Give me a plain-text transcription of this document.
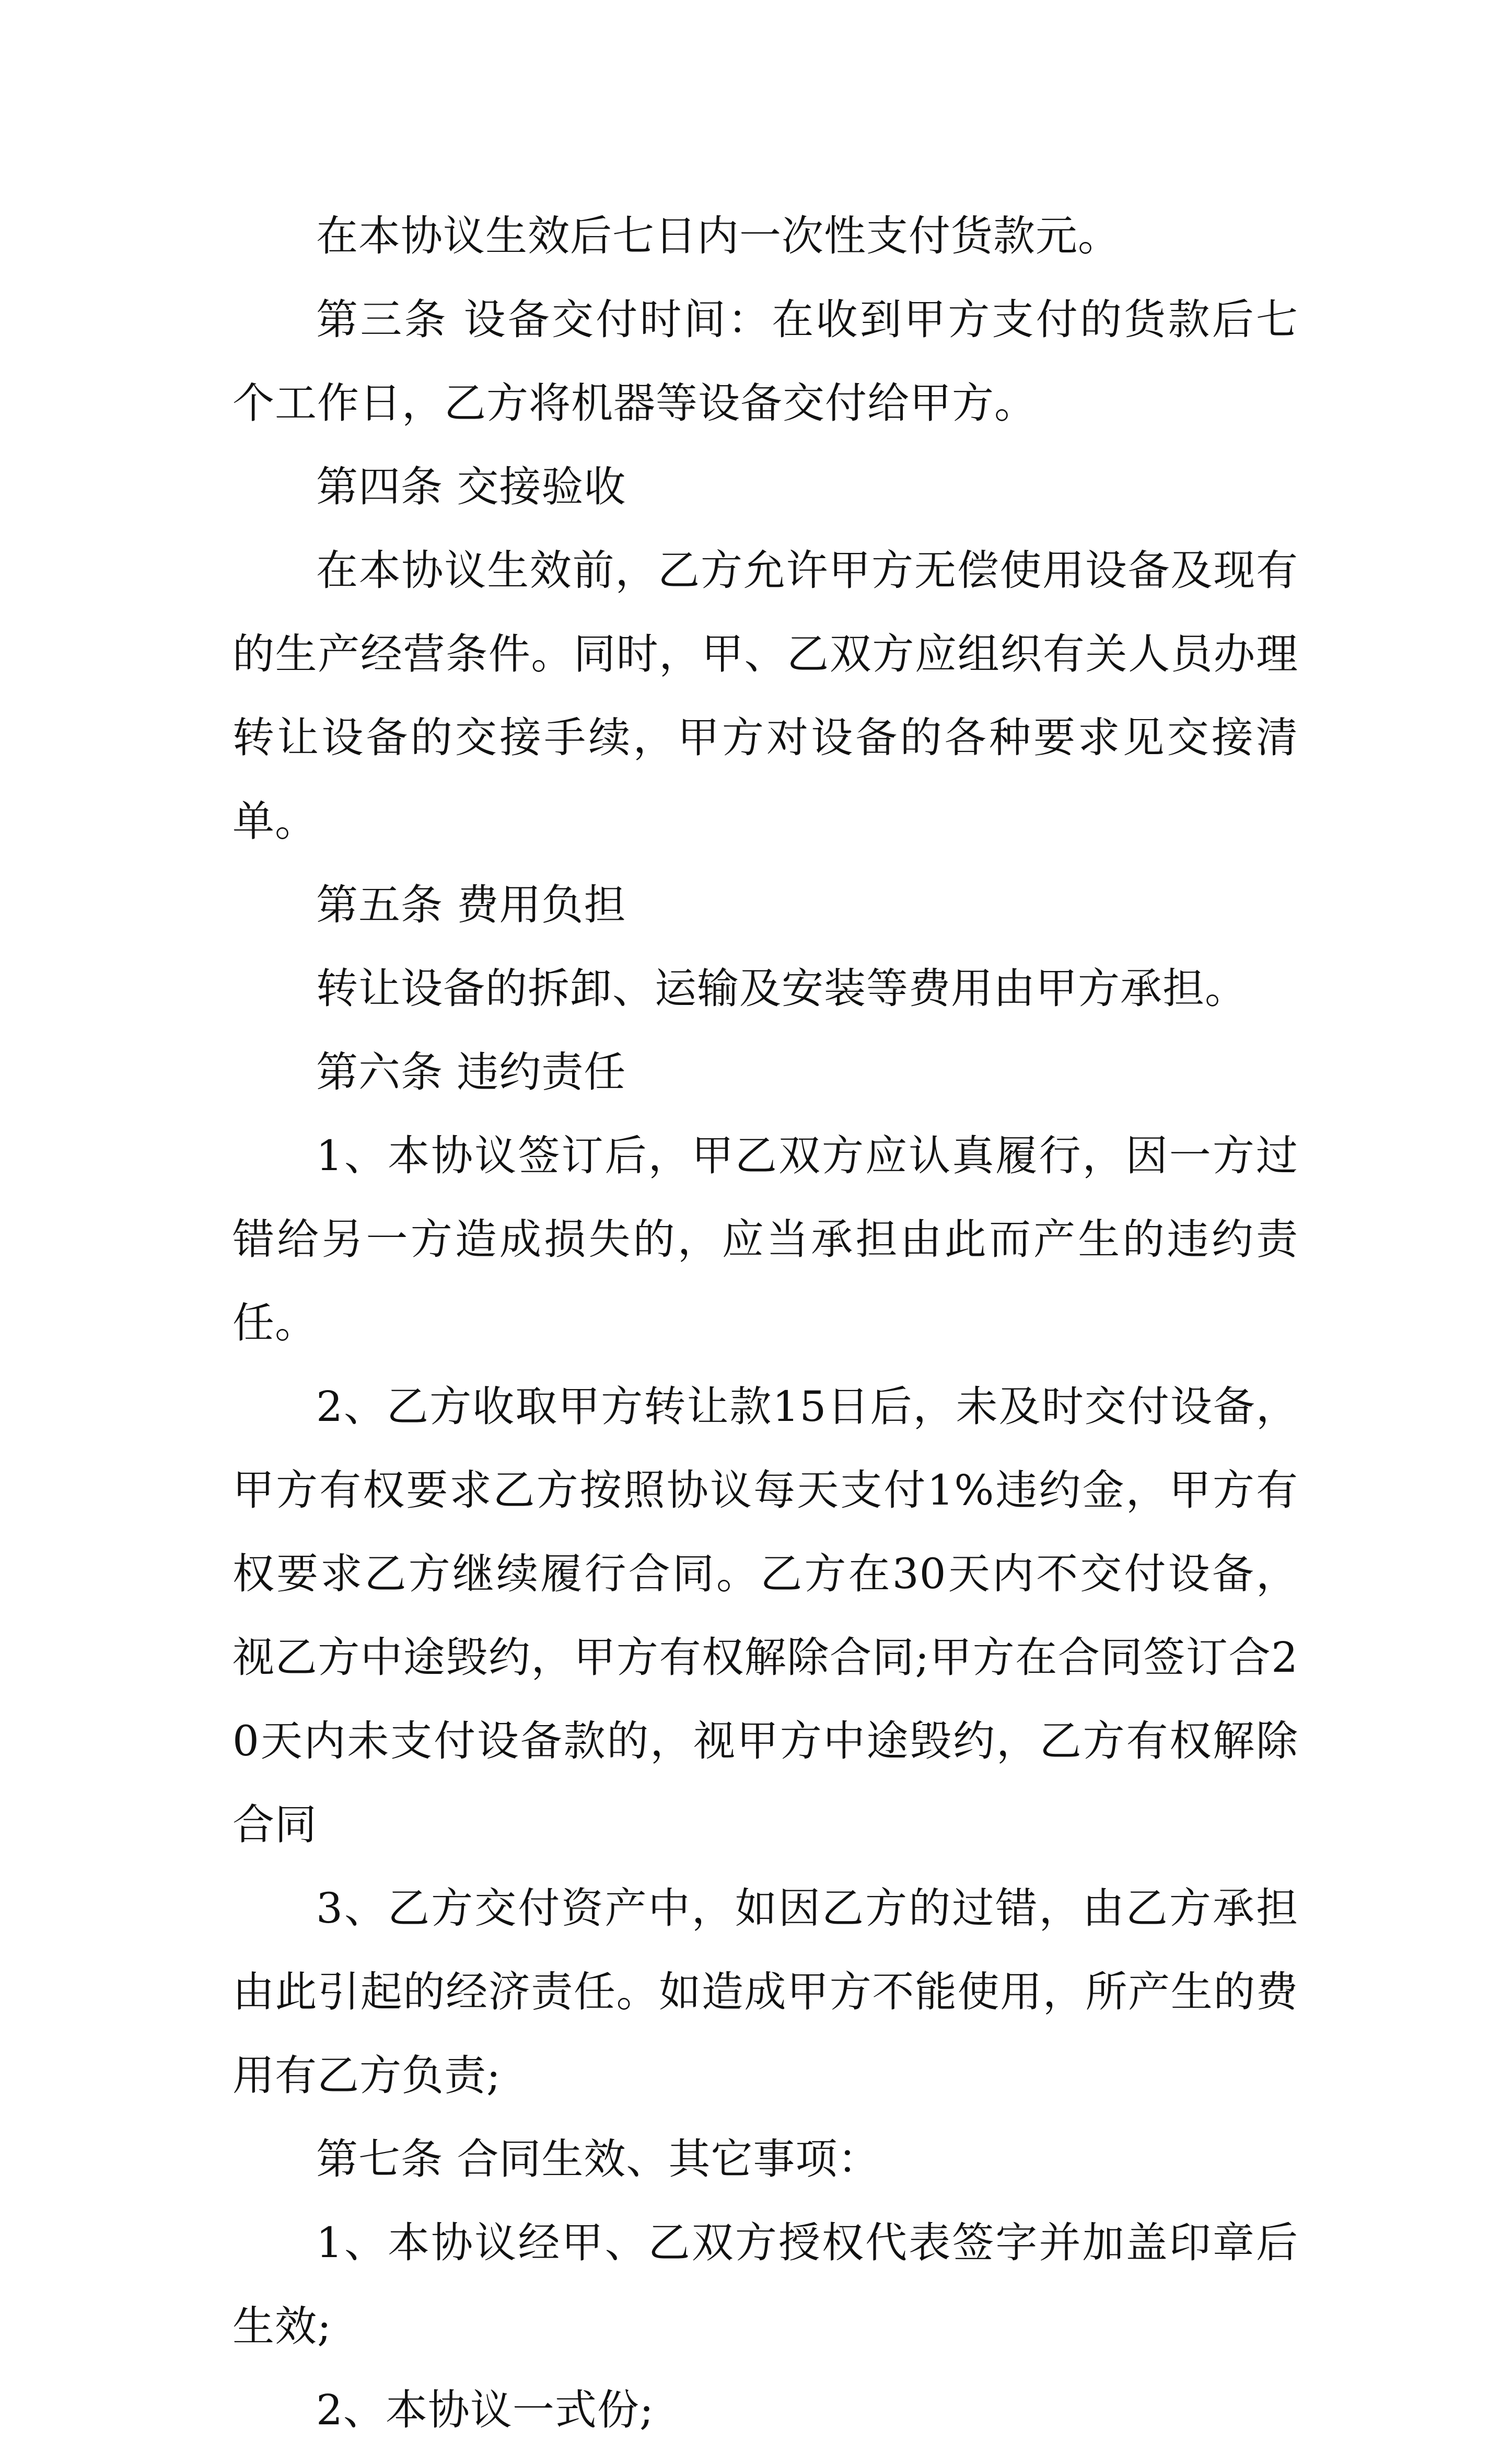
在本协议生效后七日内一次性支付货款元。

第三条 设备交付时间：在收到甲方支付的货款后七个工作日，乙方将机器等设备交付给甲方。

第四条 交接验收

在本协议生效前，乙方允许甲方无偿使用设备及现有的生产经营条件。同时，甲、乙双方应组织有关人员办理转让设备的交接手续，甲方对设备的各种要求见交接清单。

第五条 费用负担

转让设备的拆卸、运输及安装等费用由甲方承担。

第六条 违约责任

1、本协议签订后，甲乙双方应认真履行，因一方过错给另一方造成损失的，应当承担由此而产生的违约责任。

2、乙方收取甲方转让款15日后，未及时交付设备，甲方有权要求乙方按照协议每天支付1%违约金，甲方有权要求乙方继续履行合同。乙方在30天内不交付设备，视乙方中途毁约，甲方有权解除合同;甲方在合同签订合20天内未支付设备款的，视甲方中途毁约，乙方有权解除合同

3、乙方交付资产中，如因乙方的过错，由乙方承担由此引起的经济责任。如造成甲方不能使用，所产生的费用有乙方负责;

第七条 合同生效、其它事项：

1、本协议经甲、乙双方授权代表签字并加盖印章后生效;

2、本协议一式份;
